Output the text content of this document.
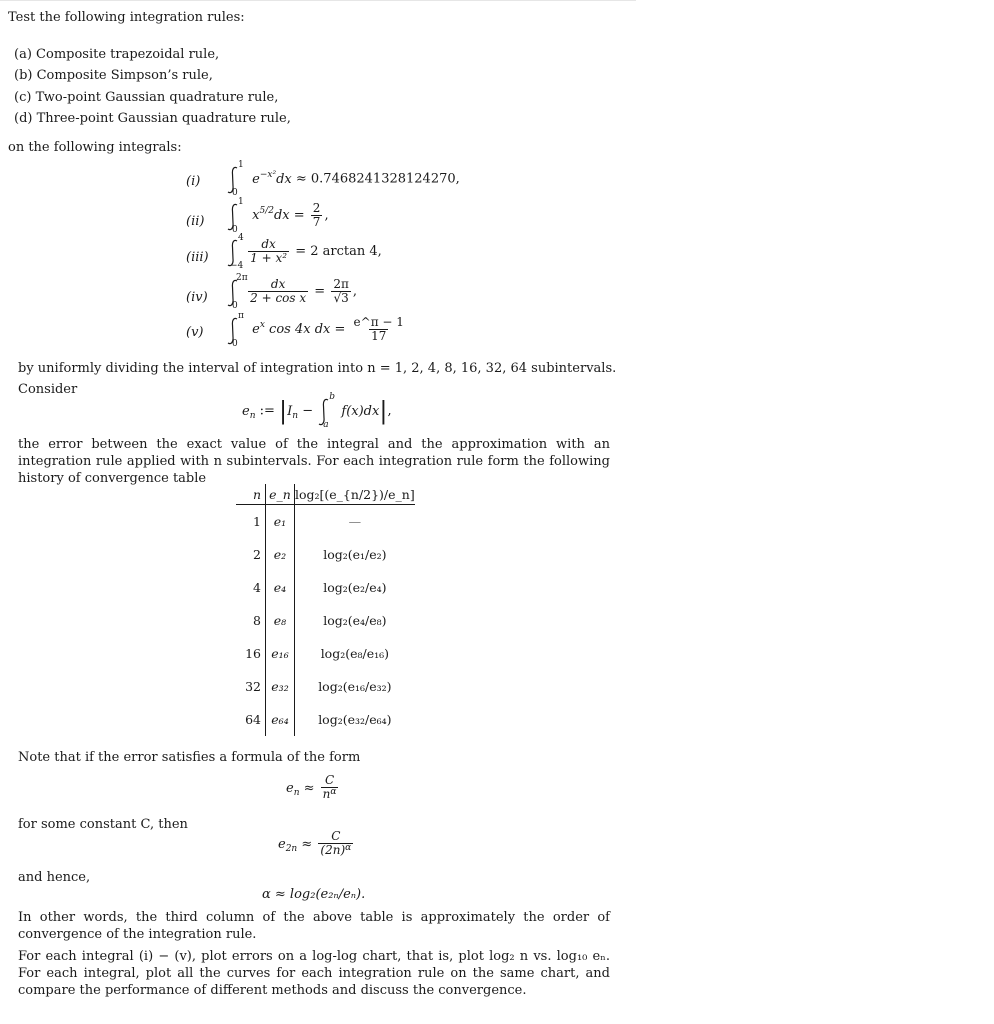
Test the following integration rules:
(a) Composite trapezoidal rule,
(b) Composite Simpson’s rule,
(c) Two-point Gaussian quadrature rule,
(d) Three-point Gaussian quadrature rule,
on the following integrals:
(i)
1
0
$e^{-x^2}dx \approx 0.7468241328124270$,
(ii)
1
0
$x^{5/2}dx = \frac{2}{7}$ ,
(iii)
4
−4

$\frac{dx}{\text{1 + x²}} = 2$ arctan 4,
(iv)
2π
0

$\frac{dx}{\text{2 + cos x}} = \frac{2\pi}{√3}$ ,
(v)
π
0
$e^x$ cos 4x dx = $\frac{e\^{}\pi - 1}{17}$
by uniformly dividing the interval of integration into n = 1, 2, 4, 8, 16, 32, 64 subintervals.
Consider
$e_n$ := $|I_n$ −
b
a
f(x)dx|,
the error between the exact value of the integral and the approximation with an integration rule applied with n subintervals. For each integration rule form the following history of convergence table
n	e_n	log₂[(e_{n/2})/e_n]
1	e₁	—
2	e₂	log₂(e₁/e₂)
4	e₄	log₂(e₂/e₄)
8	e₈	log₂(e₄/e₈)
16	e₁₆	log₂(e₈/e₁₆)
32	e₃₂	log₂(e₁₆/e₃₂)
64	e₆₄	log₂(e₃₂/e₆₄)
Note that if the error satisfies a formula of the form
$e_n \approx \frac{C}{n^\alpha}$
for some constant C, then
$e_{2n} \approx \frac{C}{(2n)^\alpha}$
and hence,
α ≈ log₂(e₂ₙ/eₙ).
In other words, the third column of the above table is approximately the order of convergence of the integration rule.
For each integral (i) − (v), plot errors on a log-log chart, that is, plot log₂ n vs. log₁₀ eₙ. For each integral, plot all the curves for each integration rule on the same chart, and compare the performance of different methods and discuss the convergence.
